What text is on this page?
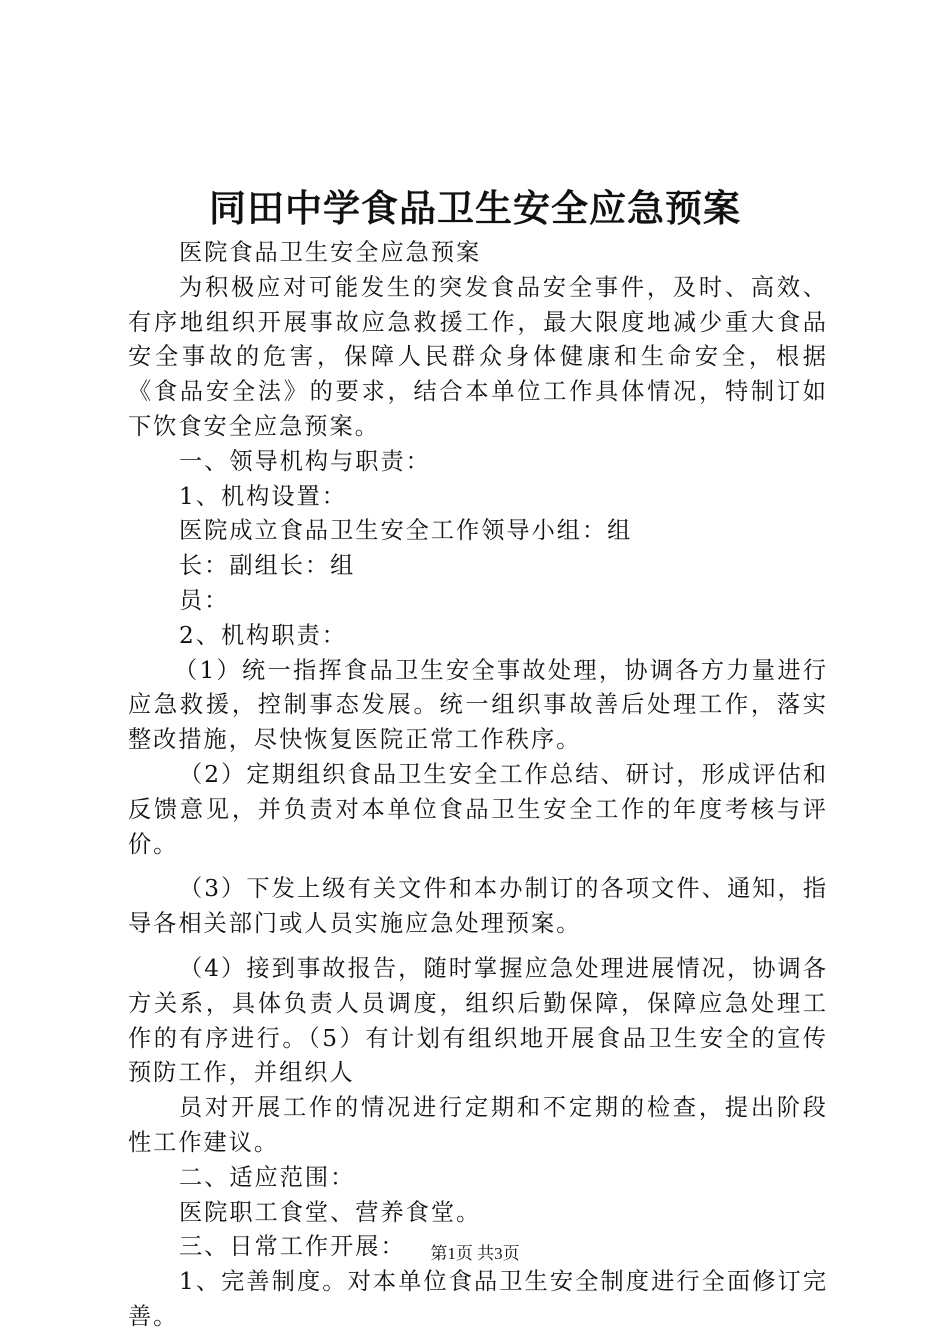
同田中学食品卫生安全应急预案

医院食品卫生安全应急预案

为积极应对可能发生的突发食品安全事件，及时、高效、有序地组织开展事故应急救援工作，最大限度地减少重大食品安全事故的危害，保障人民群众身体健康和生命安全，根据《食品安全法》的要求，结合本单位工作具体情况，特制订如下饮食安全应急预案。

一、领导机构与职责：

1、机构设置：

医院成立食品卫生安全工作领导小组：组

长：副组长：组

员：

2、机构职责：

（1）统一指挥食品卫生安全事故处理，协调各方力量进行应急救援，控制事态发展。统一组织事故善后处理工作，落实整改措施，尽快恢复医院正常工作秩序。

（2）定期组织食品卫生安全工作总结、研讨，形成评估和反馈意见，并负责对本单位食品卫生安全工作的年度考核与评价。

（3）下发上级有关文件和本办制订的各项文件、通知，指导各相关部门或人员实施应急处理预案。

（4）接到事故报告，随时掌握应急处理进展情况，协调各方关系，具体负责人员调度，组织后勤保障，保障应急处理工作的有序进行。（5）有计划有组织地开展食品卫生安全的宣传预防工作，并组织人

员对开展工作的情况进行定期和不定期的检查，提出阶段性工作建议。

二、适应范围：

医院职工食堂、营养食堂。

三、日常工作开展：

1、完善制度。对本单位食品卫生安全制度进行全面修订完善。

第1页 共3页
